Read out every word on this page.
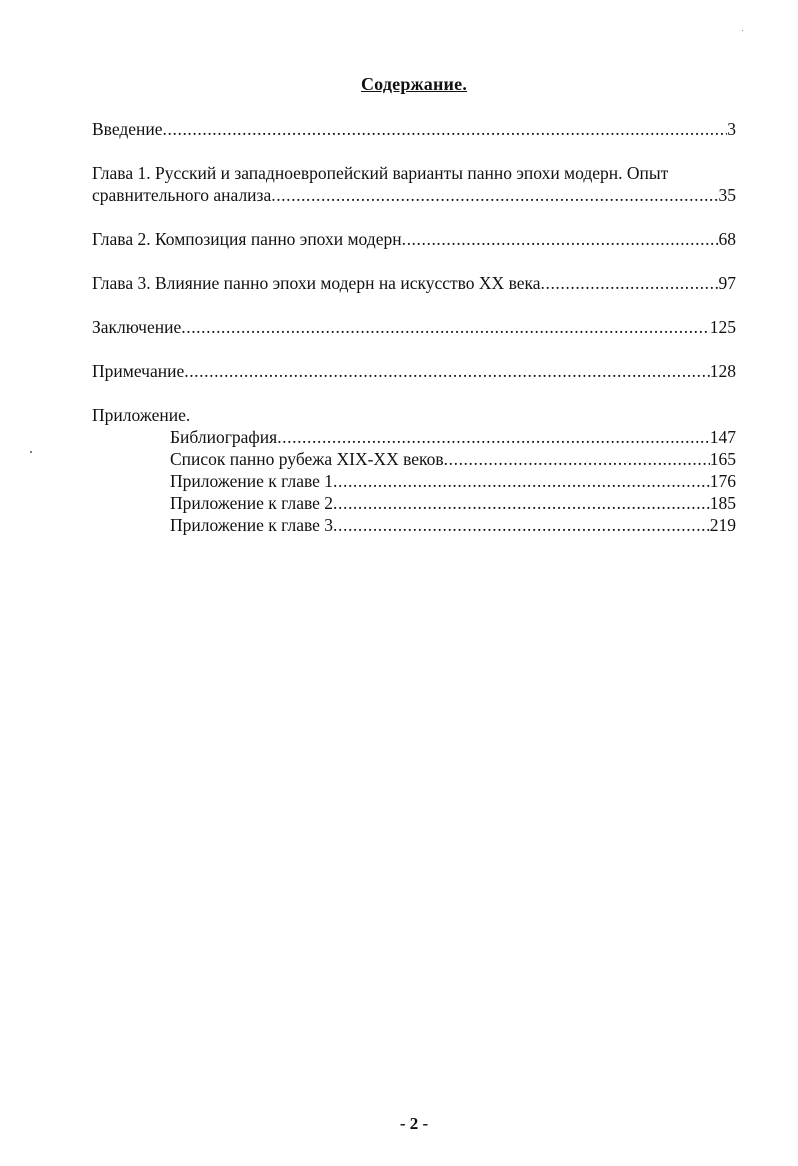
Содержание.
Введение .....	3
Глава 1. Русский и западноевропейский варианты панно эпохи модерн. Опыт
сравнительного анализа .....	35
Глава 2. Композиция панно эпохи модерн .....	68
Глава 3. Влияние панно эпохи модерн на искусство XX века .....	97
Заключение .....	125
Примечание .....	128
Приложение.
Библиография .....	147
Список панно рубежа XIX-XX веков .....	165
Приложение к главе 1 .....	176
Приложение к главе 2 .....	185
Приложение к главе 3 .....	219
- 2 -
